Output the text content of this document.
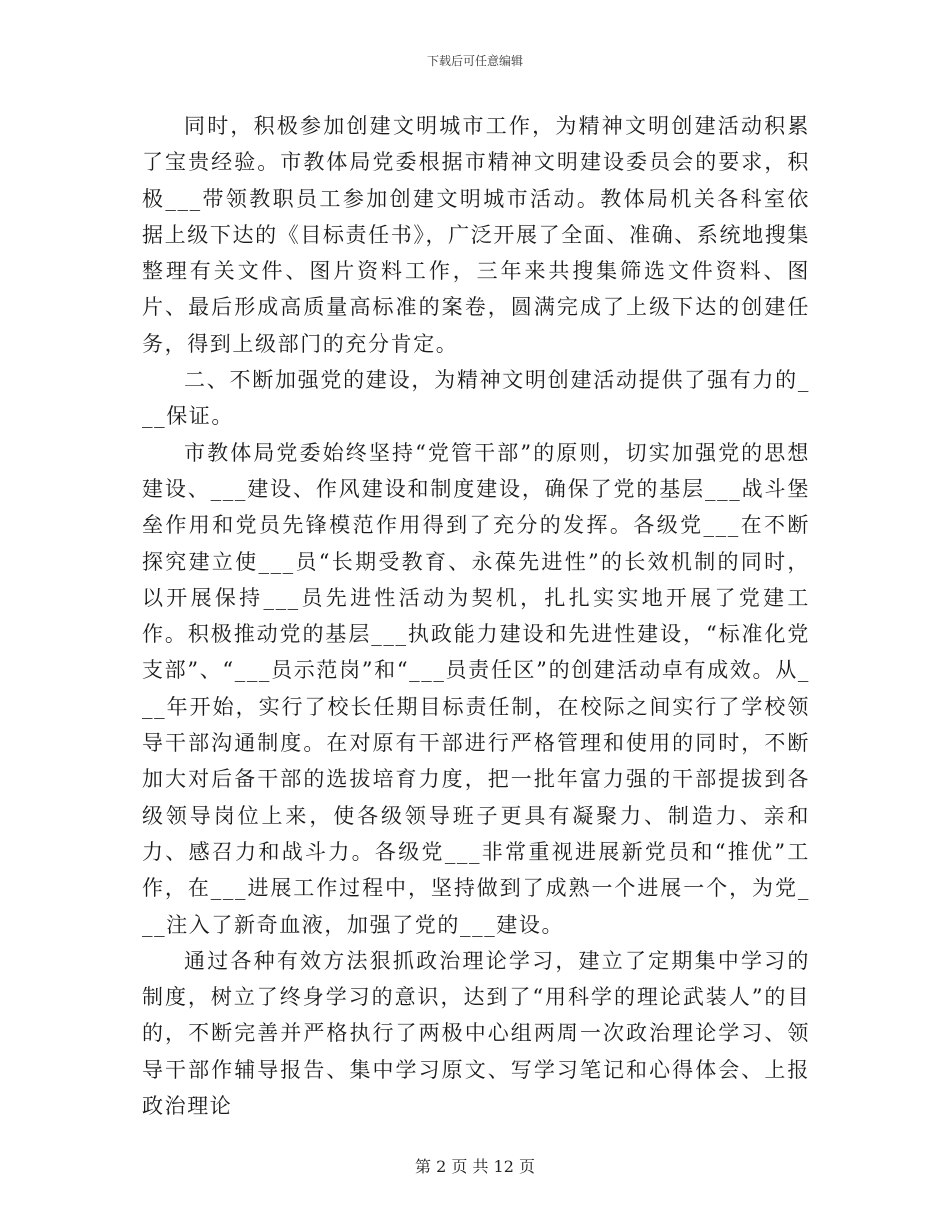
下载后可任意编辑

同时，积极参加创建文明城市工作，为精神文明创建活动积累了宝贵经验。市教体局党委根据市精神文明建设委员会的要求，积极___带领教职员工参加创建文明城市活动。教体局机关各科室依据上级下达的《目标责任书》，广泛开展了全面、准确、系统地搜集整理有关文件、图片资料工作，三年来共搜集筛选文件资料、图片、最后形成高质量高标准的案卷，圆满完成了上级下达的创建任务，得到上级部门的充分肯定。

二、不断加强党的建设，为精神文明创建活动提供了强有力的___保证。

市教体局党委始终坚持“党管干部”的原则，切实加强党的思想建设、___建设、作风建设和制度建设，确保了党的基层___战斗堡垒作用和党员先锋模范作用得到了充分的发挥。各级党___在不断探究建立使___员“长期受教育、永葆先进性”的长效机制的同时，以开展保持___员先进性活动为契机，扎扎实实地开展了党建工作。积极推动党的基层___执政能力建设和先进性建设，“标准化党支部”、“___员示范岗”和“___员责任区”的创建活动卓有成效。从___年开始，实行了校长任期目标责任制，在校际之间实行了学校领导干部沟通制度。在对原有干部进行严格管理和使用的同时，不断加大对后备干部的选拔培育力度，把一批年富力强的干部提拔到各级领导岗位上来，使各级领导班子更具有凝聚力、制造力、亲和力、感召力和战斗力。各级党___非常重视进展新党员和“推优”工作，在___进展工作过程中，坚持做到了成熟一个进展一个，为党___注入了新奇血液，加强了党的___建设。

通过各种有效方法狠抓政治理论学习，建立了定期集中学习的制度，树立了终身学习的意识，达到了“用科学的理论武装人”的目的，不断完善并严格执行了两极中心组两周一次政治理论学习、领导干部作辅导报告、集中学习原文、写学习笔记和心得体会、上报政治理论

第 2 页 共 12 页
